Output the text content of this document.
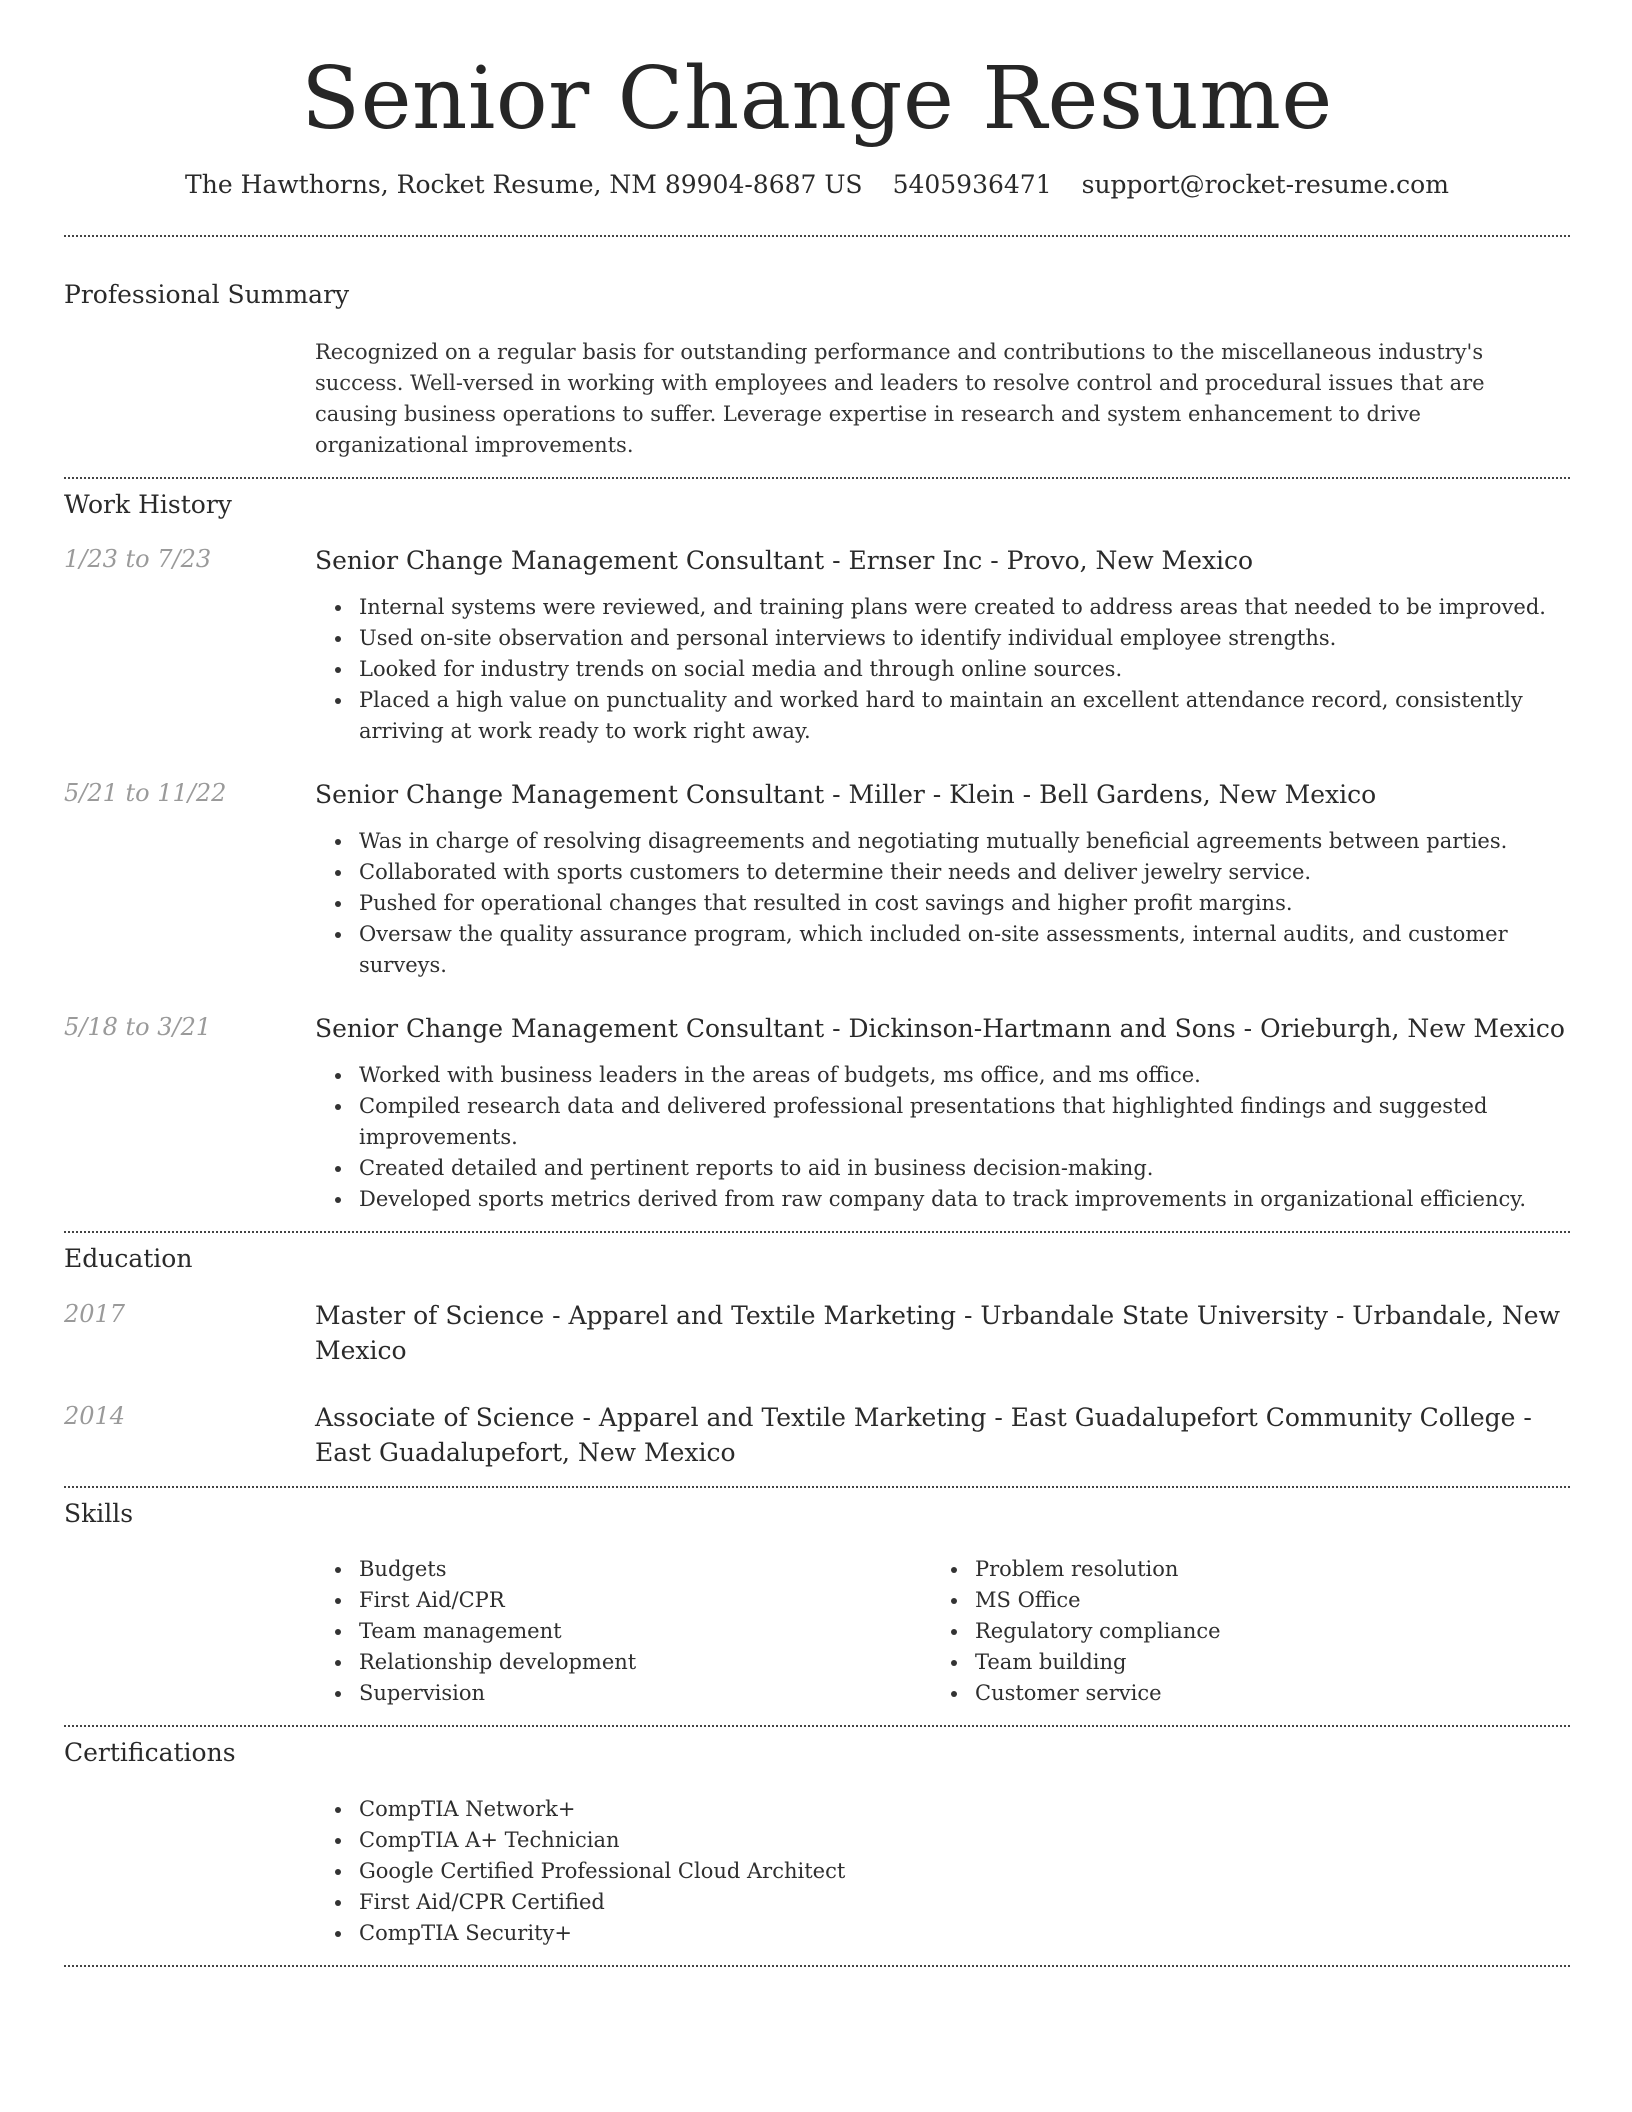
Senior Change Resume
The Hawthorns, Rocket Resume, NM 89904-8687 US 5405936471 support@rocket-resume.com
Professional Summary
Recognized on a regular basis for outstanding performance and contributions to the miscellaneous industry's success. Well-versed in working with employees and leaders to resolve control and procedural issues that are causing business operations to suffer. Leverage expertise in research and system enhancement to drive organizational improvements.
Work History
1/23 to 7/23	Senior Change Management Consultant - Ernser Inc - Provo, New Mexico
Internal systems were reviewed, and training plans were created to address areas that needed to be improved.
Used on-site observation and personal interviews to identify individual employee strengths.
Looked for industry trends on social media and through online sources.
Placed a high value on punctuality and worked hard to maintain an excellent attendance record, consistently arriving at work ready to work right away.
5/21 to 11/22	Senior Change Management Consultant - Miller - Klein - Bell Gardens, New Mexico
Was in charge of resolving disagreements and negotiating mutually beneficial agreements between parties.
Collaborated with sports customers to determine their needs and deliver jewelry service.
Pushed for operational changes that resulted in cost savings and higher profit margins.
Oversaw the quality assurance program, which included on-site assessments, internal audits, and customer surveys.
5/18 to 3/21	Senior Change Management Consultant - Dickinson-Hartmann and Sons - Orieburgh, New Mexico
Worked with business leaders in the areas of budgets, ms office, and ms office.
Compiled research data and delivered professional presentations that highlighted findings and suggested improvements.
Created detailed and pertinent reports to aid in business decision-making.
Developed sports metrics derived from raw company data to track improvements in organizational efficiency.
Education
2017	Master of Science - Apparel and Textile Marketing - Urbandale State University - Urbandale, New Mexico
2014	Associate of Science - Apparel and Textile Marketing - East Guadalupefort Community College - East Guadalupefort, New Mexico
Skills
Budgets
First Aid/CPR
Team management
Relationship development
Supervision
Problem resolution
MS Office
Regulatory compliance
Team building
Customer service
Certifications
CompTIA Network+
CompTIA A+ Technician
Google Certified Professional Cloud Architect
First Aid/CPR Certified
CompTIA Security+
